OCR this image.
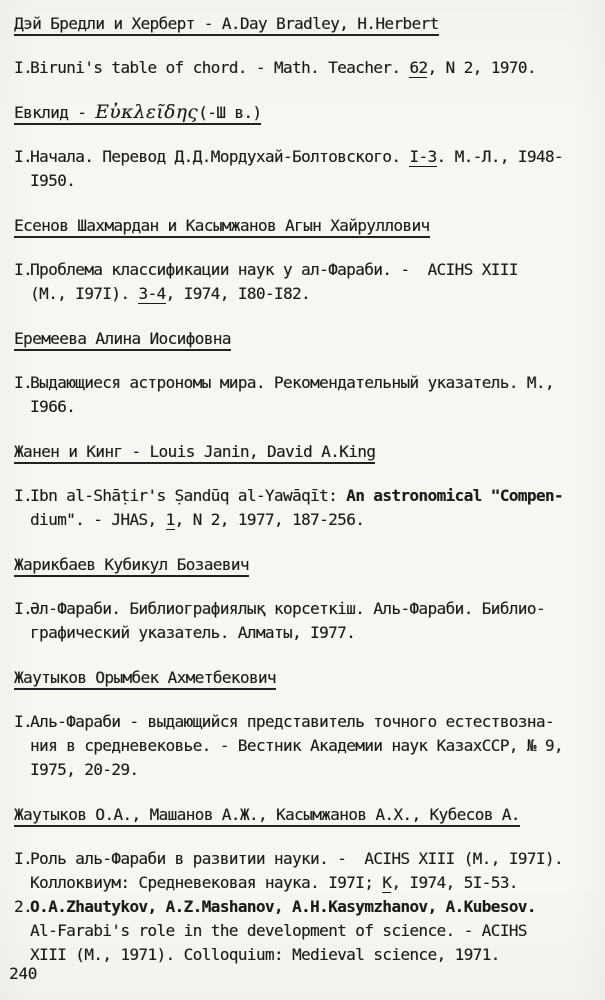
Дэй Бредли и Херберт - A.Day Bradley, H.Herbert
I.Biruni's table of chord. - Math. Teacher. 62, N 2, 1970.
Евклид - Εὐκλεῖδης(-Ш в.)
I.Начала. Перевод Д.Д.Мордухай-Болтовского. I-3. М.-Л., I948-
I950.
Есенов Шахмардан и Касымжанов Агын Хайруллович
I.Проблема классификации наук у ал-Фараби. -  ACIHS XIII
(М., I97I). 3-4, I974, I80-I82.
Еремеева Алина Иосифовна
I.Выдающиеся астрономы мира. Рекомендательный указатель. М.,
I966.
Жанен и Кинг - Louis Janin, David A.King
I.Ibn al-Shāṭir's Ṣandūq al-Yawāqīt: An astronomical "Compen-
dium". - JHAS, 1, N 2, 1977, 187-256.
Жарикбаев Кубикул Бозаевич
I.Әл-Фараби. Библиографиялық корсеткіш. Аль-Фараби. Библио-
графический указатель. Алматы, I977.
Жаутыков Орымбек Ахметбекович
I.Аль-Фараби - выдающийся представитель точного естествозна-
ния в средневековье. - Вестник Академии наук КазахССР, № 9,
I975, 20-29.
Жаутыков О.А., Машанов А.Ж., Касымжанов А.Х., Кубесов А.
I.Роль аль-Фараби в развитии науки. -  ACIHS XIII (М., I97I).
Коллоквиум: Средневековая наука. I97I; К, I974, 5I-53.
2.O.A.Zhautykov, A.Z.Mashanov, A.H.Kasymzhanov, A.Kubesov.
Al-Farabi's role in the development of science. - ACIHS
XIII (M., 1971). Colloquium: Medieval science, 1971.
240
